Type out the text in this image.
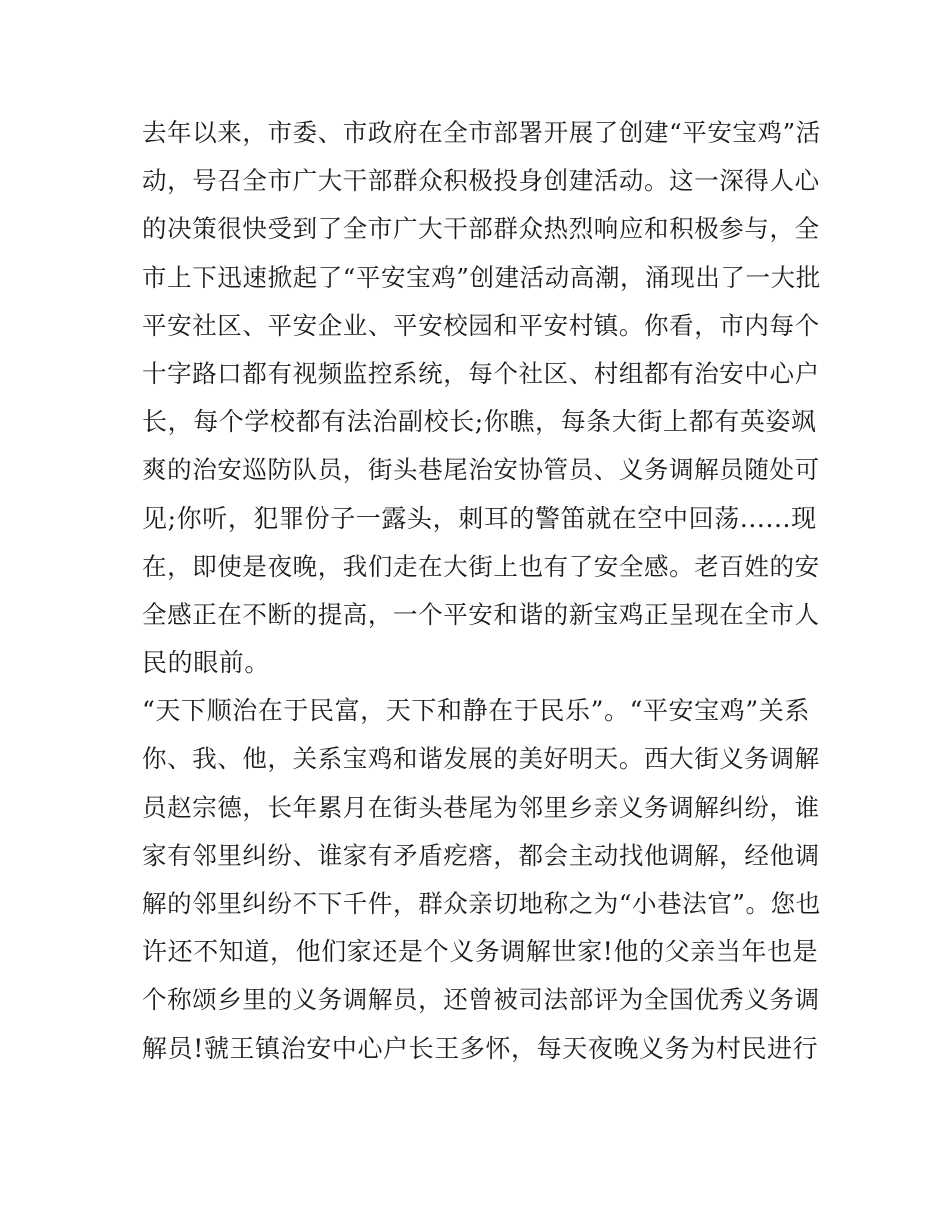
去年以来，市委、市政府在全市部署开展了创建“平安宝鸡”活
动，号召全市广大干部群众积极投身创建活动。这一深得人心
的决策很快受到了全市广大干部群众热烈响应和积极参与，全
市上下迅速掀起了“平安宝鸡”创建活动高潮，涌现出了一大批
平安社区、平安企业、平安校园和平安村镇。你看，市内每个
十字路口都有视频监控系统，每个社区、村组都有治安中心户
长，每个学校都有法治副校长;你瞧，每条大街上都有英姿飒
爽的治安巡防队员，街头巷尾治安协管员、义务调解员随处可
见;你听，犯罪份子一露头，刺耳的警笛就在空中回荡......现
在，即使是夜晚，我们走在大街上也有了安全感。老百姓的安
全感正在不断的提高，一个平安和谐的新宝鸡正呈现在全市人
民的眼前。
“天下顺治在于民富，天下和静在于民乐”。“平安宝鸡”关系
你、我、他，关系宝鸡和谐发展的美好明天。西大街义务调解
员赵宗德，长年累月在街头巷尾为邻里乡亲义务调解纠纷，谁
家有邻里纠纷、谁家有矛盾疙瘩，都会主动找他调解，经他调
解的邻里纠纷不下千件，群众亲切地称之为“小巷法官”。您也
许还不知道，他们家还是个义务调解世家!他的父亲当年也是
个称颂乡里的义务调解员，还曾被司法部评为全国优秀义务调
解员!虢王镇治安中心户长王多怀，每天夜晚义务为村民进行
